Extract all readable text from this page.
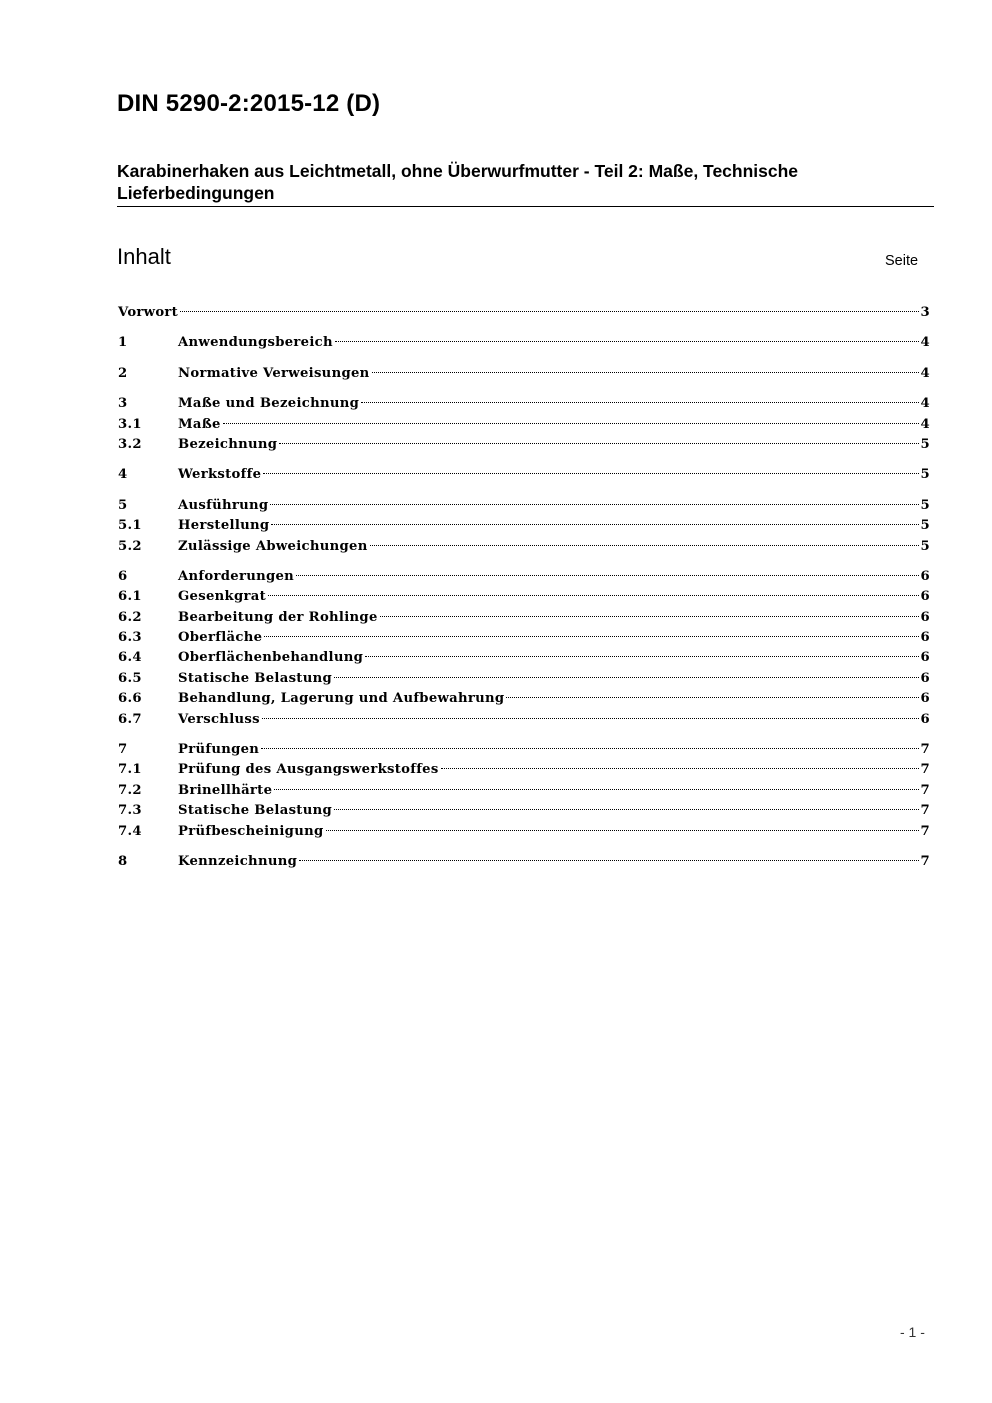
DIN 5290-2:2015-12 (D)
Karabinerhaken aus Leichtmetall, ohne Überwurfmutter - Teil 2: Maße, Technische Lieferbedingungen
Inhalt	Seite
Vorwort	3
1	Anwendungsbereich	4
2	Normative Verweisungen	4
3	Maße und Bezeichnung	4
3.1	Maße	4
3.2	Bezeichnung	5
4	Werkstoffe	5
5	Ausführung	5
5.1	Herstellung	5
5.2	Zulässige Abweichungen	5
6	Anforderungen	6
6.1	Gesenkgrat	6
6.2	Bearbeitung der Rohlinge	6
6.3	Oberfläche	6
6.4	Oberflächenbehandlung	6
6.5	Statische Belastung	6
6.6	Behandlung, Lagerung und Aufbewahrung	6
6.7	Verschluss	6
7	Prüfungen	7
7.1	Prüfung des Ausgangswerkstoffes	7
7.2	Brinellhärte	7
7.3	Statische Belastung	7
7.4	Prüfbescheinigung	7
8	Kennzeichnung	7
- 1 -
